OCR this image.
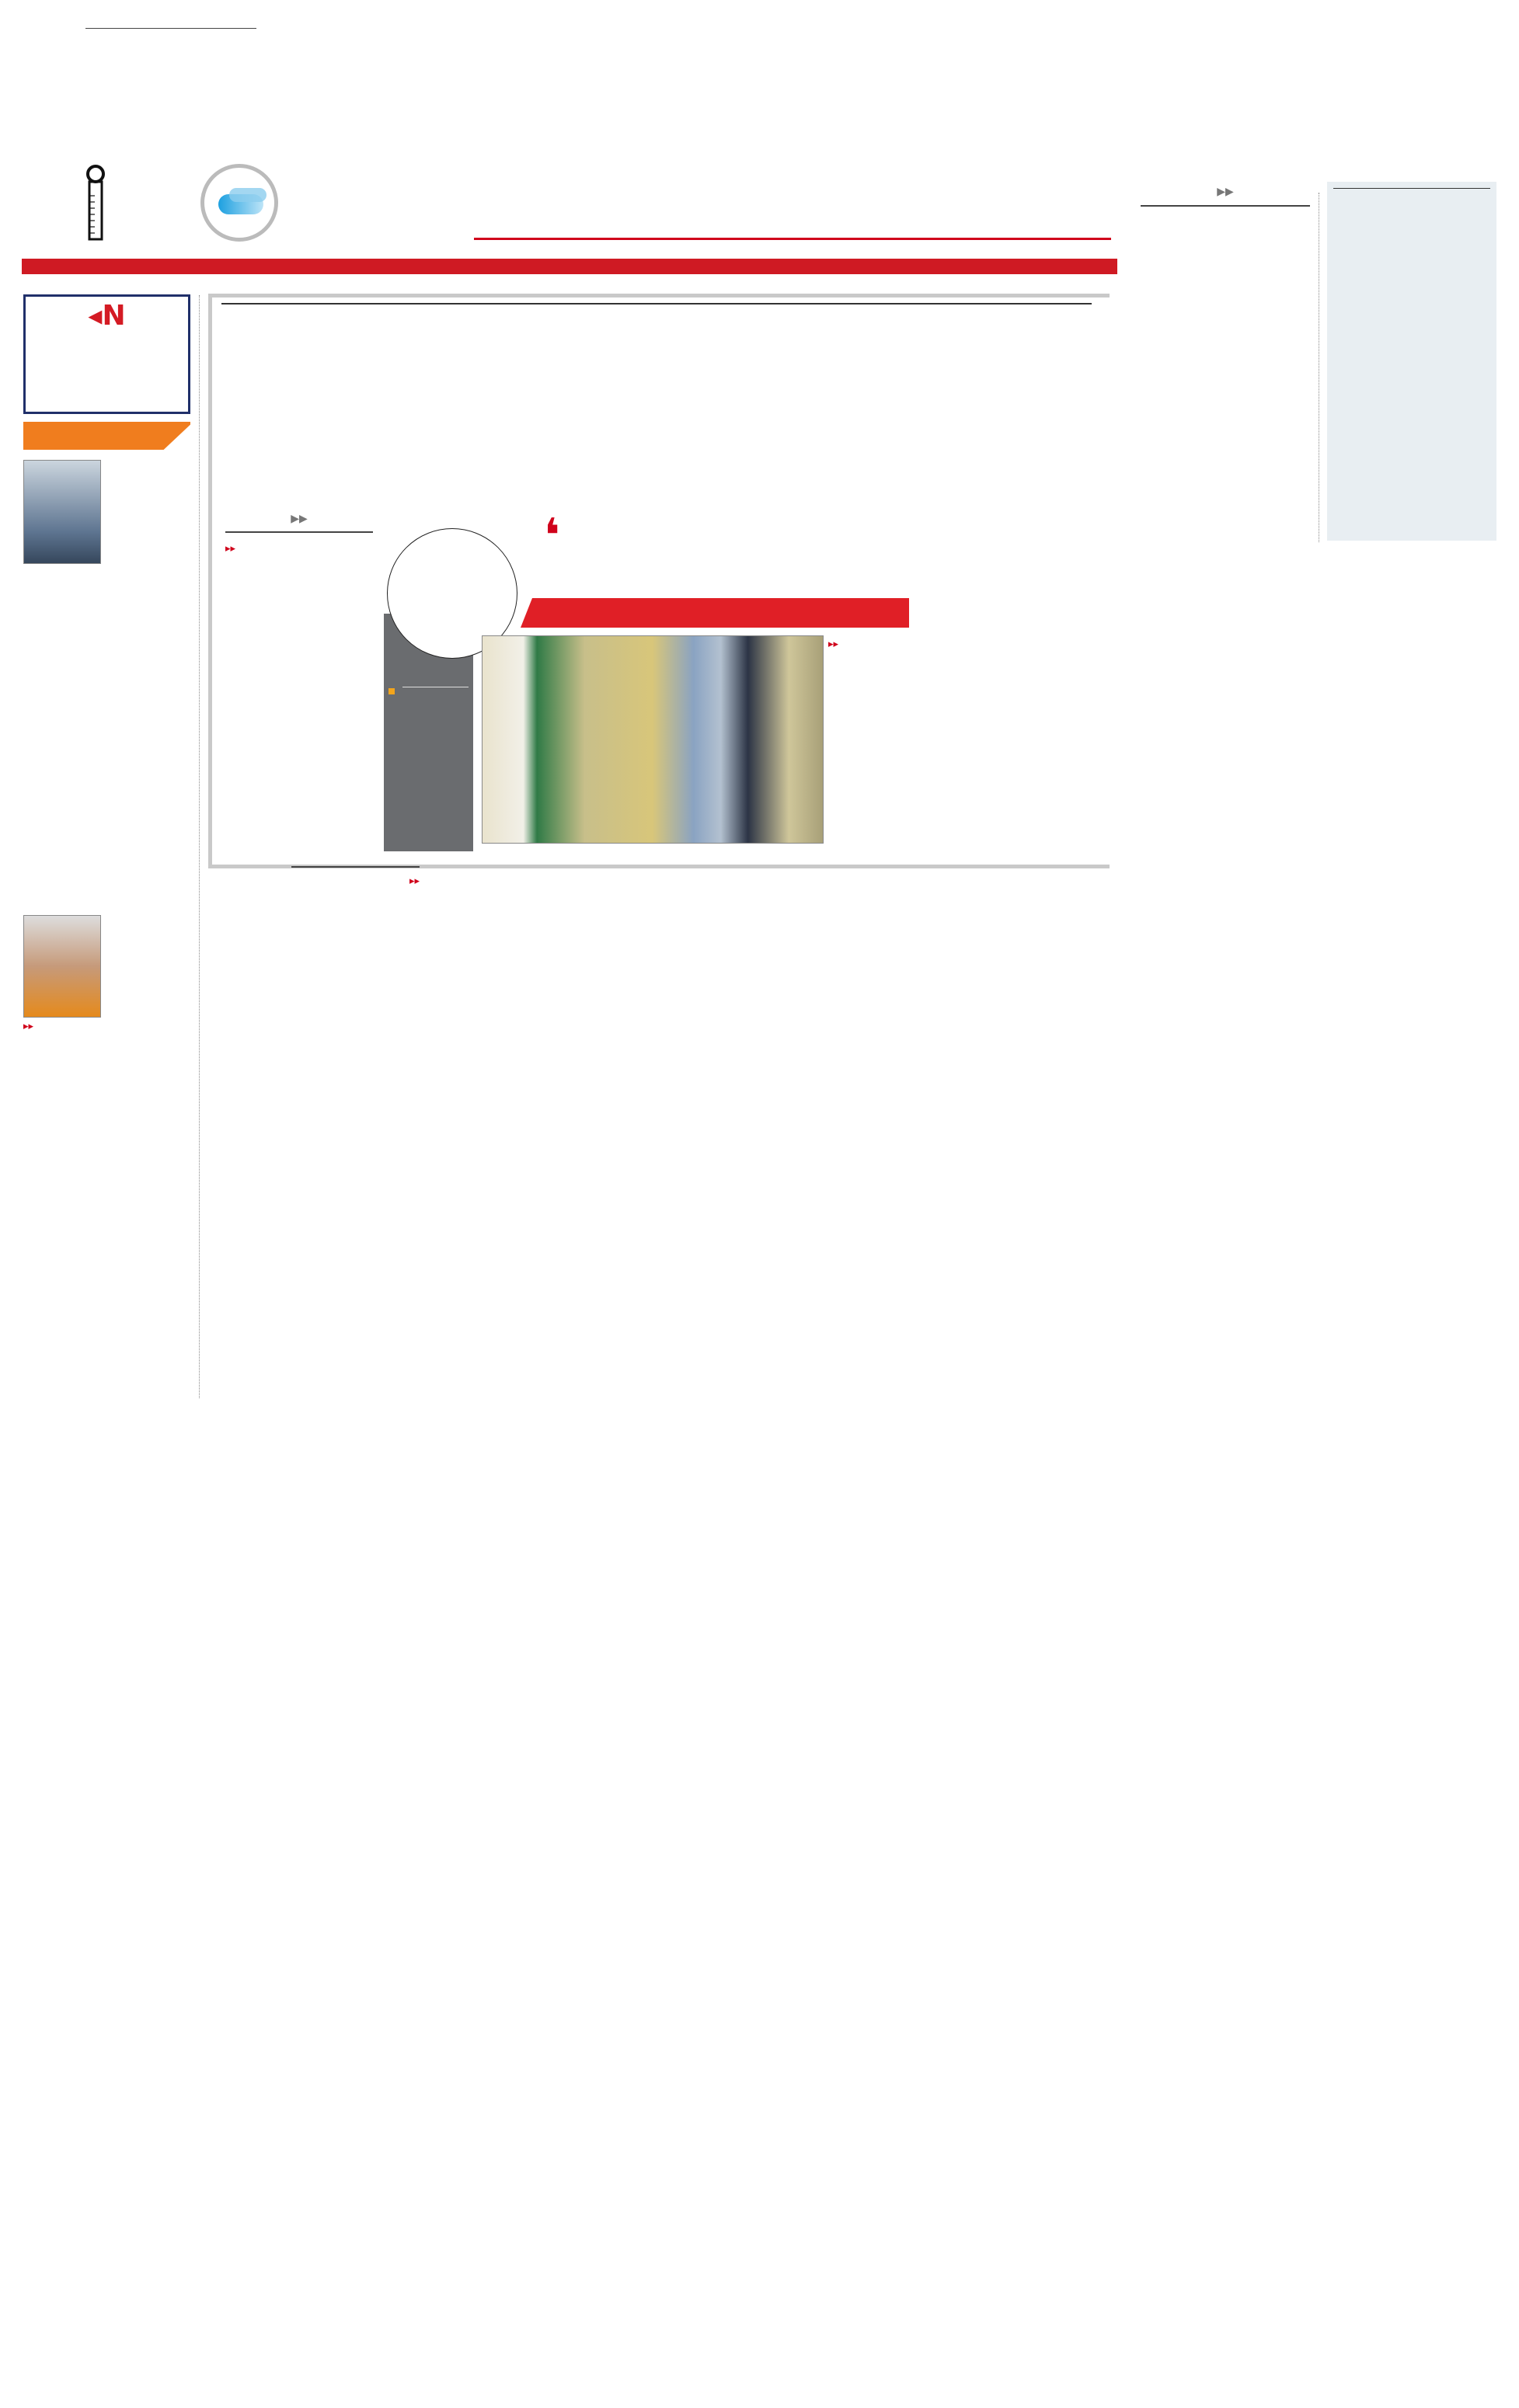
▶▶
◂N
▸▸
▶▶
▸▸	❛
▸▸
▸▸
